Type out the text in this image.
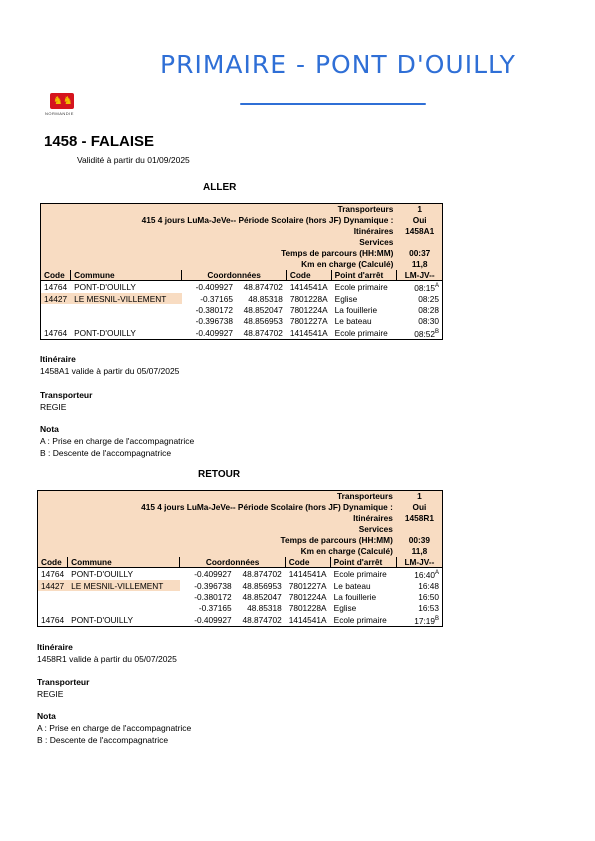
PRIMAIRE - PONT D'OUILLY
♞♞
NORMANDIE
1458 - FALAISE
Validité à partir du 01/09/2025
ALLER
Transporteurs						1
415 4 jours LuMa-JeVe-- Période Scolaire (hors JF) Dynamique :						Oui
Itinéraires						1458A1
Services						
Temps de parcours (HH:MM)						00:37
Km en charge (Calculé)						11,8
Code	Commune	Coordonnées		Code	Point d'arrêt	LM-JV--
14764	PONT-D'OUILLY	-0.409927	48.874702	1414541A	Ecole primaire	$08:15^A$
14427	LE MESNIL-VILLEMENT	-0.37165	48.85318	7801228A	Eglise	08:25
		-0.380172	48.852047	7801224A	La fouillerie	08:28
		-0.396738	48.856953	7801227A	Le bateau	08:30
14764	PONT-D'OUILLY	-0.409927	48.874702	1414541A	Ecole primaire	$08:52^B$
Itinéraire
1458A1 valide à partir du 05/07/2025
Transporteur
REGIE
Nota
A : Prise en charge de l'accompagnatrice
B : Descente de l'accompagnatrice
RETOUR
Transporteurs						1
415 4 jours LuMa-JeVe-- Période Scolaire (hors JF) Dynamique :						Oui
Itinéraires						1458R1
Services						
Temps de parcours (HH:MM)						00:39
Km en charge (Calculé)						11,8
Code	Commune	Coordonnées		Code	Point d'arrêt	LM-JV--
14764	PONT-D'OUILLY	-0.409927	48.874702	1414541A	Ecole primaire	$16:40^A$
14427	LE MESNIL-VILLEMENT	-0.396738	48.856953	7801227A	Le bateau	16:48
		-0.380172	48.852047	7801224A	La fouillerie	16:50
		-0.37165	48.85318	7801228A	Eglise	16:53
14764	PONT-D'OUILLY	-0.409927	48.874702	1414541A	Ecole primaire	$17:19^B$
Itinéraire
1458R1 valide à partir du 05/07/2025
Transporteur
REGIE
Nota
A : Prise en charge de l'accompagnatrice
B : Descente de l'accompagnatrice
